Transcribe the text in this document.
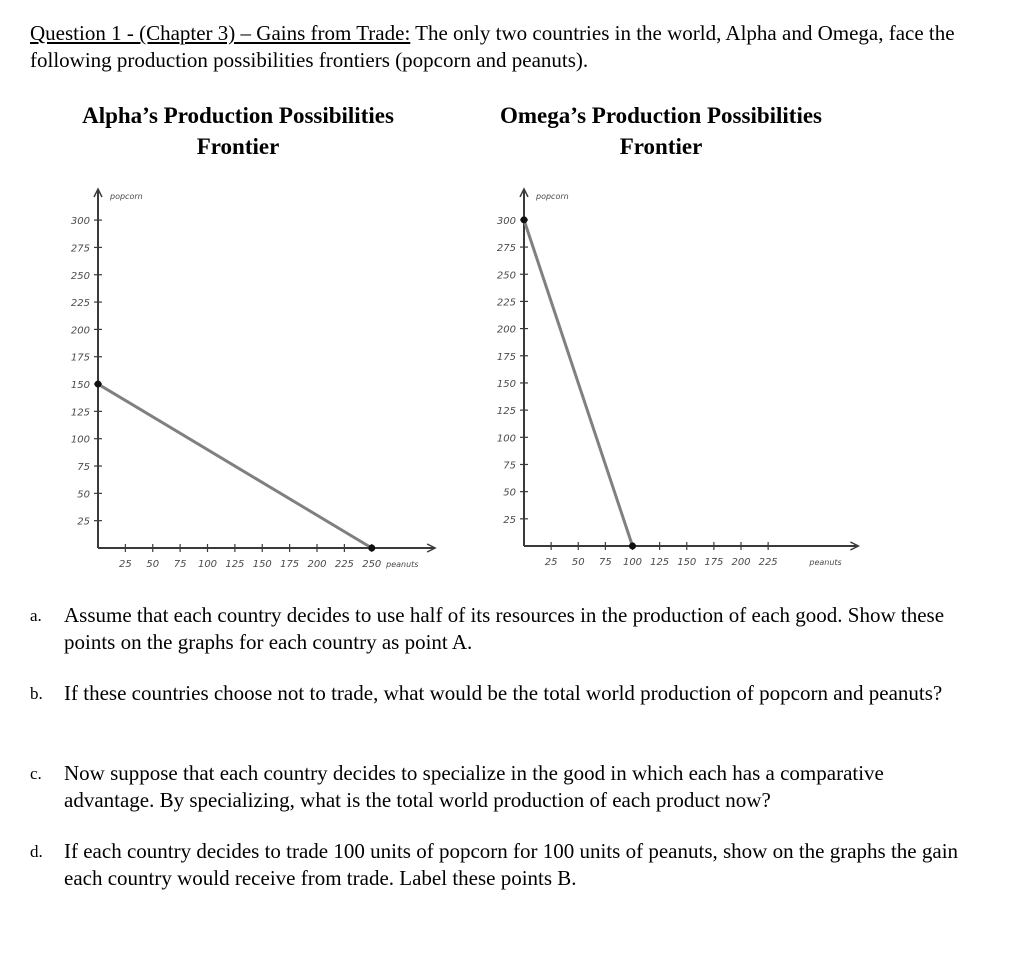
Question 1 - (Chapter 3) – Gains from Trade: The only two countries in the world, Alpha and Omega, face the following production possibilities frontiers (popcorn and peanuts).
Alpha’s Production Possibilities
Frontier
Omega’s Production Possibilities
Frontier
25
50
75
100
125
150
175
200
225
250
275
300
25 50 75 100 125 150 175 200 225 250
popcorn
peanuts
25
50
75
100
125
150
175
200
225
250
275
300
25 50 75 100 125 150 175 200 225
popcorn
peanuts
a. Assume that each country decides to use half of its resources in the production of each good. Show these points on the graphs for each country as point A.
b. If these countries choose not to trade, what would be the total world production of popcorn and peanuts?
c. Now suppose that each country decides to specialize in the good in which each has a comparative advantage. By specializing, what is the total world production of each product now?
d. If each country decides to trade 100 units of popcorn for 100 units of peanuts, show on the graphs the gain each country would receive from trade. Label these points B.
